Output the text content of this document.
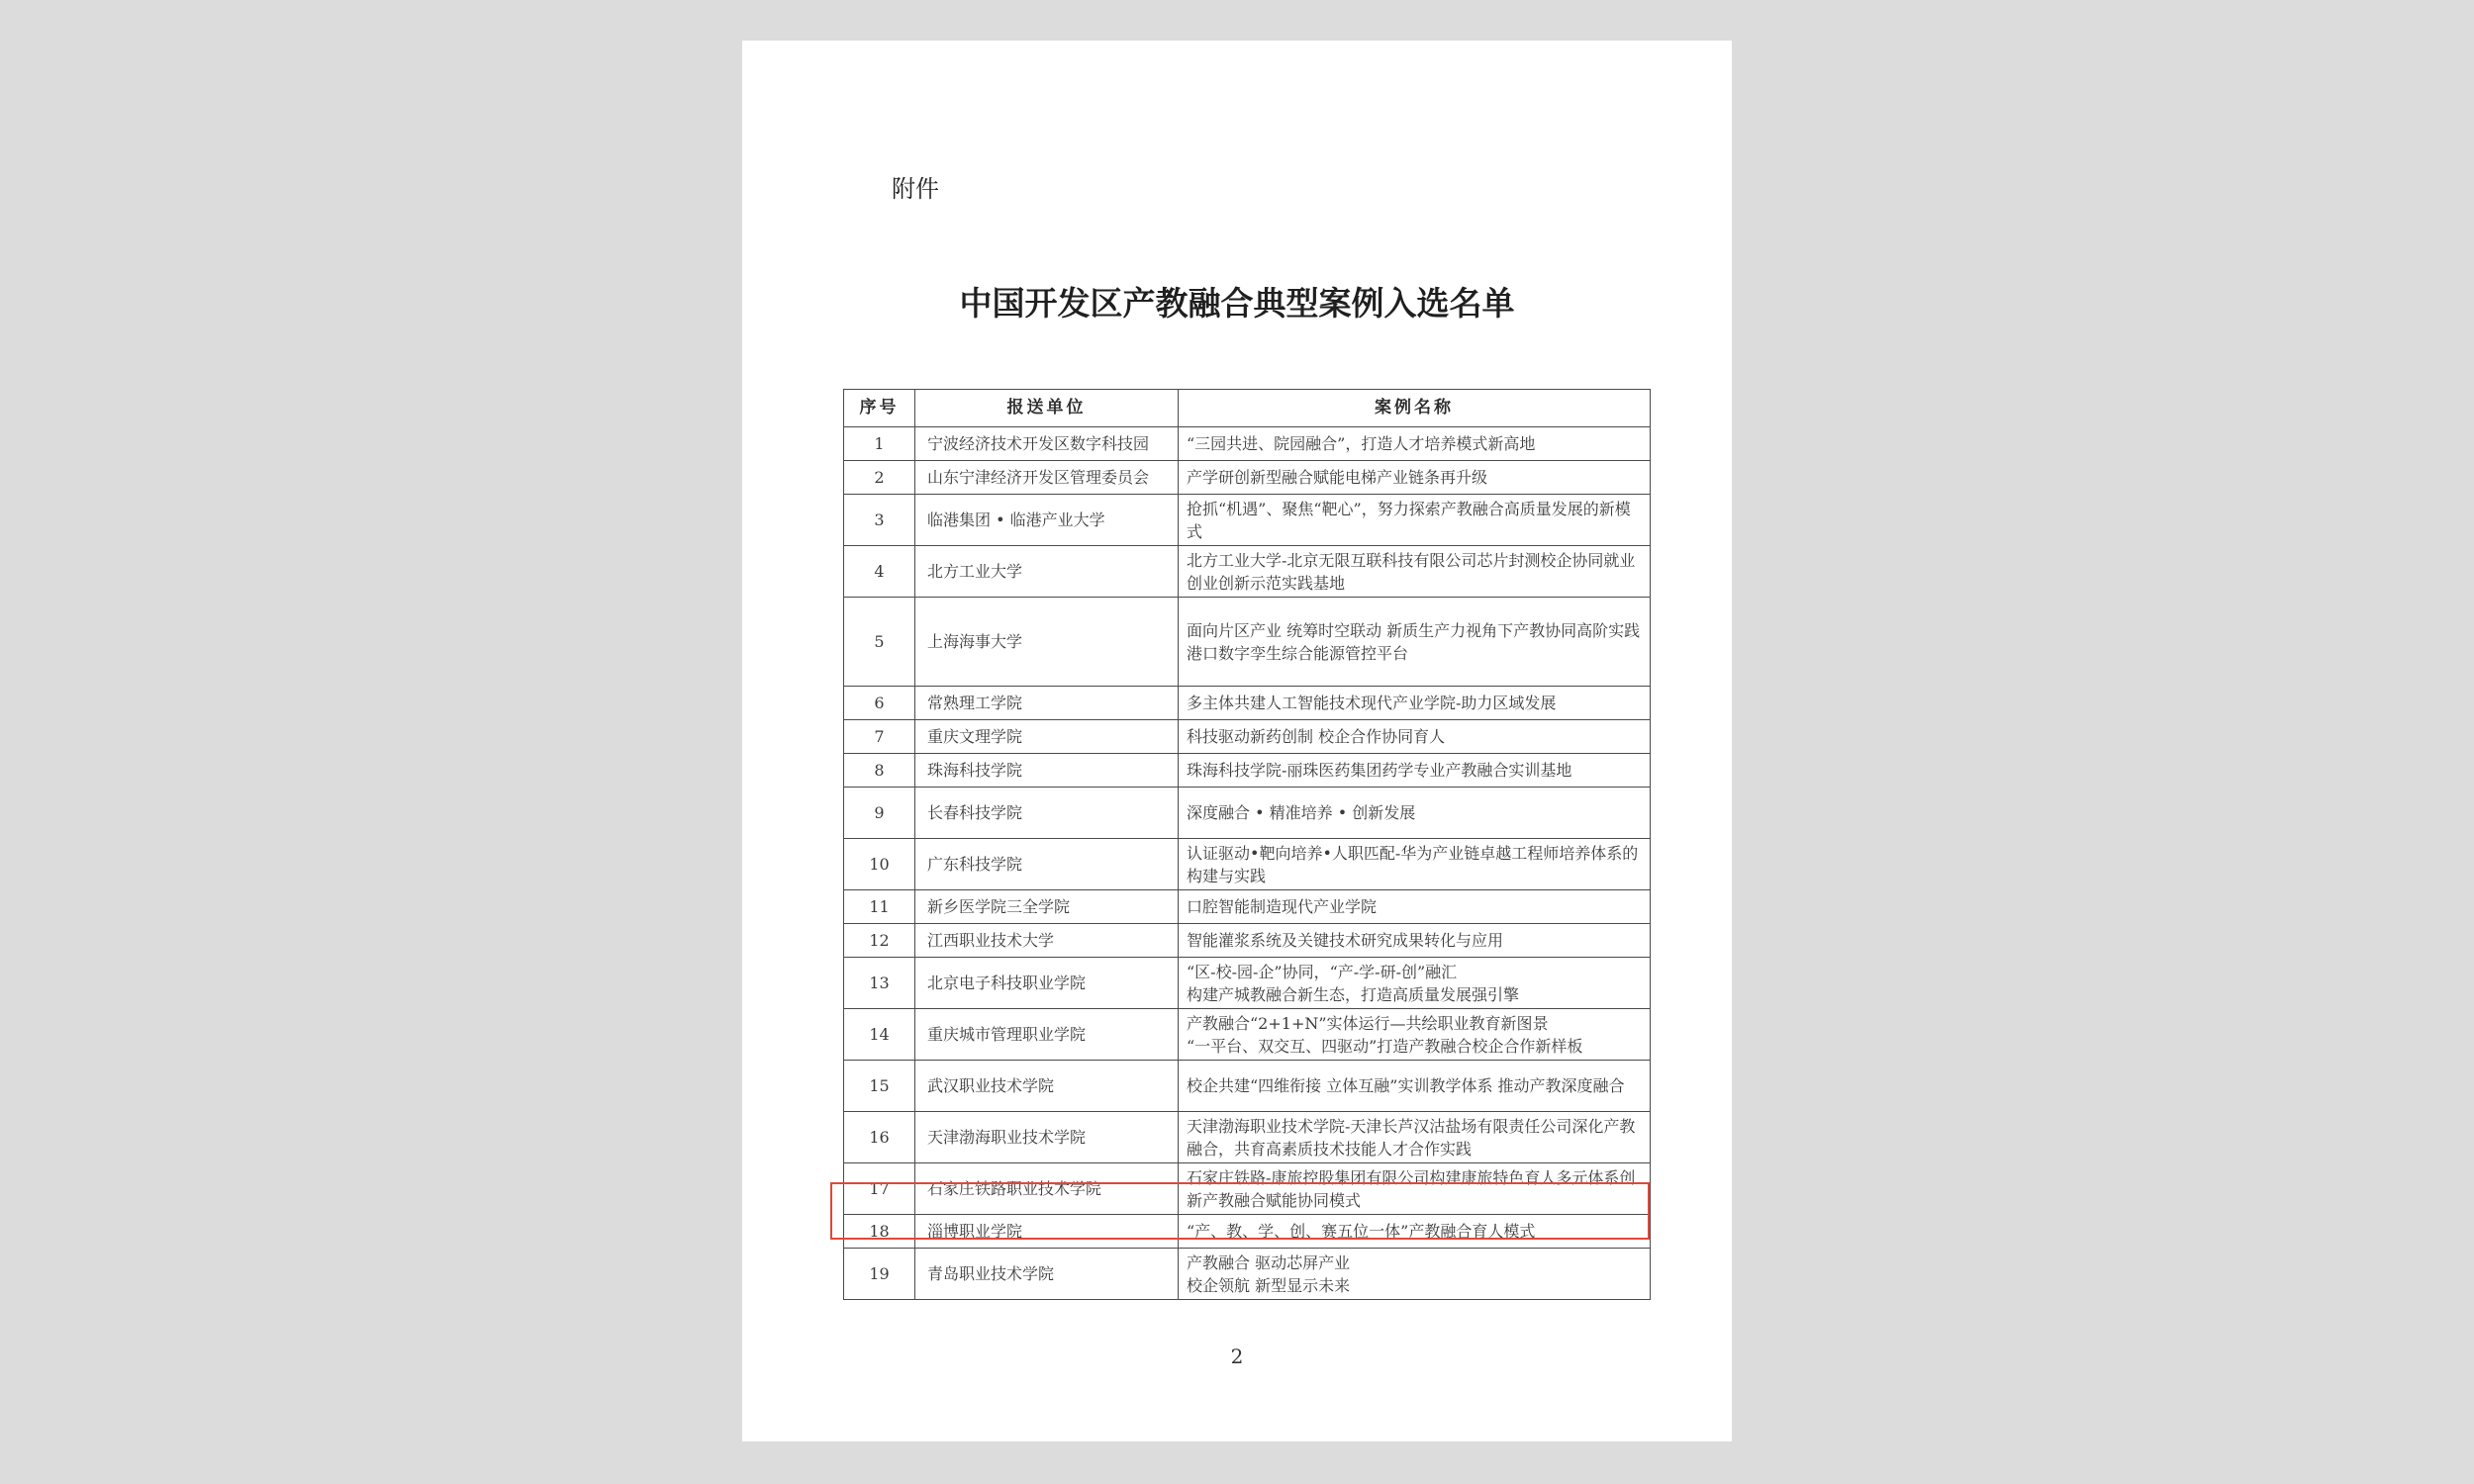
附件
中国开发区产教融合典型案例入选名单
序号	报送单位	案例名称
1	宁波经济技术开发区数字科技园	“三园共进、院园融合”，打造人才培养模式新高地

2	山东宁津经济开发区管理委员会	产学研创新型融合赋能电梯产业链条再升级

3	临港集团 • 临港产业大学	抢抓“机遇”、聚焦“靶心”，努力探索产教融合高质量发展的新模式

4	北方工业大学	北方工业大学-北京无限互联科技有限公司芯片封测校企协同就业创业创新示范实践基地

5	上海海事大学	面向片区产业 统筹时空联动 新质生产力视角下产教协同高阶实践
港口数字孪生综合能源管控平台

6	常熟理工学院	多主体共建人工智能技术现代产业学院-助力区域发展

7	重庆文理学院	科技驱动新药创制 校企合作协同育人

8	珠海科技学院	珠海科技学院-丽珠医药集团药学专业产教融合实训基地

9	长春科技学院	深度融合 • 精准培养 • 创新发展

10	广东科技学院	认证驱动•靶向培养•人职匹配-华为产业链卓越工程师培养体系的构建与实践

11	新乡医学院三全学院	口腔智能制造现代产业学院

12	江西职业技术大学	智能灌浆系统及关键技术研究成果转化与应用

13	北京电子科技职业学院	“区-校-园-企”协同，“产-学-研-创”融汇
构建产城教融合新生态，打造高质量发展强引擎

14	重庆城市管理职业学院	产教融合“2+1+N”实体运行—共绘职业教育新图景
“一平台、双交互、四驱动”打造产教融合校企合作新样板

15	武汉职业技术学院	校企共建“四维衔接 立体互融”实训教学体系 推动产教深度融合

16	天津渤海职业技术学院	天津渤海职业技术学院-天津长芦汉沽盐场有限责任公司深化产教融合，共育高素质技术技能人才合作实践

17	石家庄铁路职业技术学院	石家庄铁路-康旅控股集团有限公司构建康旅特色育人多元体系创新产教融合赋能协同模式

18	淄博职业学院	“产、教、学、创、赛五位一体”产教融合育人模式

19	青岛职业技术学院	产教融合 驱动芯屏产业
校企领航 新型显示未来
2
